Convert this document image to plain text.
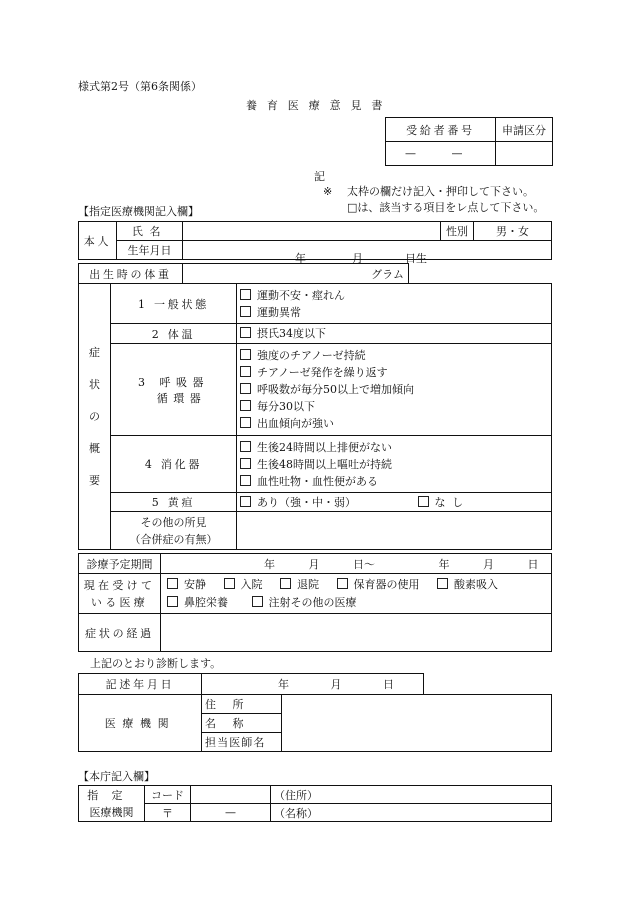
様式第2号（第6条関係）
養育医療意見書
受給者番号	申請区分
— —	
記
※ 太枠の欄だけ記入・押印して下さい。
□は、該当する項目をレ点して下さい。
【指定医療機関記入欄】
本人	氏名		性別	男・女
	生年月日	年 月 日生		
出生時の体重	グラム	
症
状
の
概
要	1 一般状態	運動不安・痙れん
運動異常

	2 体温	摂氏34度以下

	3 呼吸器
循環器	強度のチアノーゼ持続
チアノーゼ発作を繰り返す
呼吸数が毎分50以上で増加傾向
毎分30以下
出血傾向が強い

	4 消化器	生後24時間以上排便がない
生後48時間以上嘔吐が持続
血性吐物・血性便がある

	5 黄疸	あり（強・中・弱） なし

	その他の所見
（合併症の有無）	

診療予定期間	年	月	日～	年	月	日
現在受けて
いる医療

安静	入院	退院	保育器の使用	酸素吸入
鼻腔栄養	注射その他の医療
症状の経過	
上記のとおり診断します。
記述年月日	年	月	日
医療機関	住所	
名称
担当医師名
【本庁記入欄】
指定
医療機関	コード		（住所）
	〒	—	（名称）
